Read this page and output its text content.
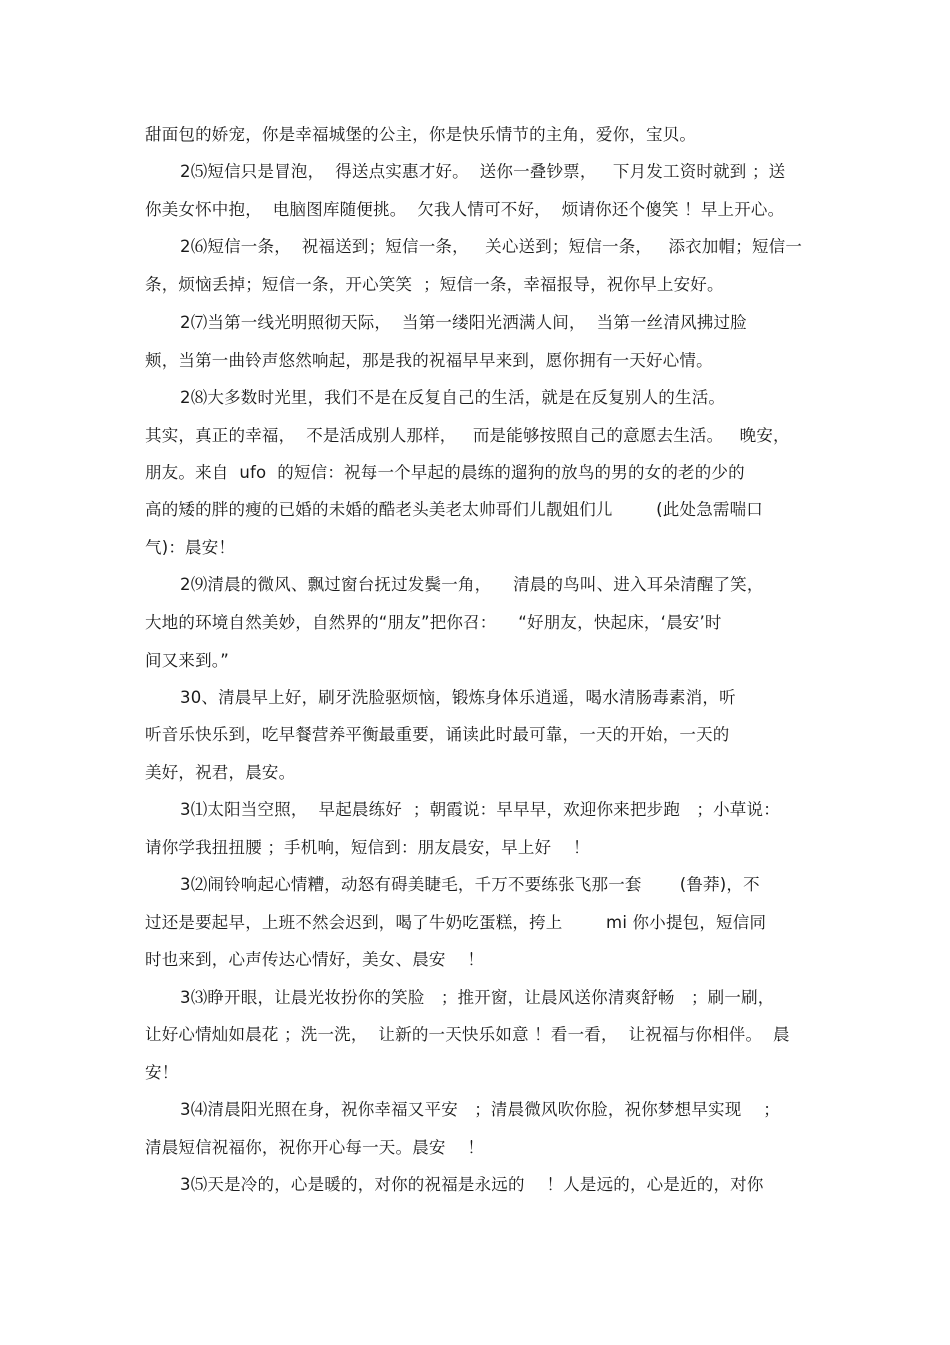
甜面包的娇宠，你是幸福城堡的公主，你是快乐情节的主角，爱你，宝贝。
2⑸短信只是冒泡，  得送点实惠才好。  送你一叠钞票，   下月发工资时就到 ；送
你美女怀中抱，  电脑图库随便挑。  欠我人情可不好，  烦请你还个傻笑 ！早上开心。
2⑹短信一条，  祝福送到；短信一条，   关心送到；短信一条，   添衣加帽；短信一
条，烦恼丢掉；短信一条，开心笑笑  ；短信一条，幸福报导，祝你早上安好。
2⑺当第一线光明照彻天际，  当第一缕阳光洒满人间，  当第一丝清风拂过脸
颊，当第一曲铃声悠然响起，那是我的祝福早早来到，愿你拥有一天好心情。
2⑻大多数时光里，我们不是在反复自己的生活，就是在反复别人的生活。
其实，真正的幸福，  不是活成别人那样，   而是能够按照自己的意愿去生活。   晚安，
朋友。来自  ufo  的短信：祝每一个早起的晨练的遛狗的放鸟的男的女的老的少的
高的矮的胖的瘦的已婚的未婚的酷老头美老太帅哥们儿靓姐们儿        (此处急需喘口
气)：晨安！
2⑼清晨的微风、飘过窗台抚过发鬓一角，    清晨的鸟叫、进入耳朵清醒了笑，
大地的环境自然美妙，自然界的“朋友”把你召：    “好朋友，快起床，‘晨安’时
间又来到。”
30、清晨早上好，刷牙洗脸驱烦恼，锻炼身体乐逍遥，喝水清肠毒素消，听
听音乐快乐到，吃早餐营养平衡最重要，诵读此时最可靠，一天的开始，一天的
美好，祝君，晨安。
3⑴太阳当空照，  早起晨练好  ；朝霞说：早早早，欢迎你来把步跑   ；小草说：
请你学我扭扭腰 ；手机响，短信到：朋友晨安，早上好    ！
3⑵闹铃响起心情糟，动怒有碍美睫毛，千万不要练张飞那一套       (鲁莽)，不
过还是要起早，上班不然会迟到，喝了牛奶吃蛋糕，挎上        mi 你小提包，短信同
时也来到，心声传达心情好，美女、晨安    ！
3⑶睁开眼，让晨光妆扮你的笑脸   ；推开窗，让晨风送你清爽舒畅   ；刷一刷，
让好心情灿如晨花 ；洗一洗，  让新的一天快乐如意 ！看一看，  让祝福与你相伴。  晨
安！
3⑷清晨阳光照在身，祝你幸福又平安   ；清晨微风吹你脸，祝你梦想早实现    ；
清晨短信祝福你，祝你开心每一天。晨安    ！
3⑸天是冷的，心是暖的，对你的祝福是永远的    ！人是远的，心是近的，对你
